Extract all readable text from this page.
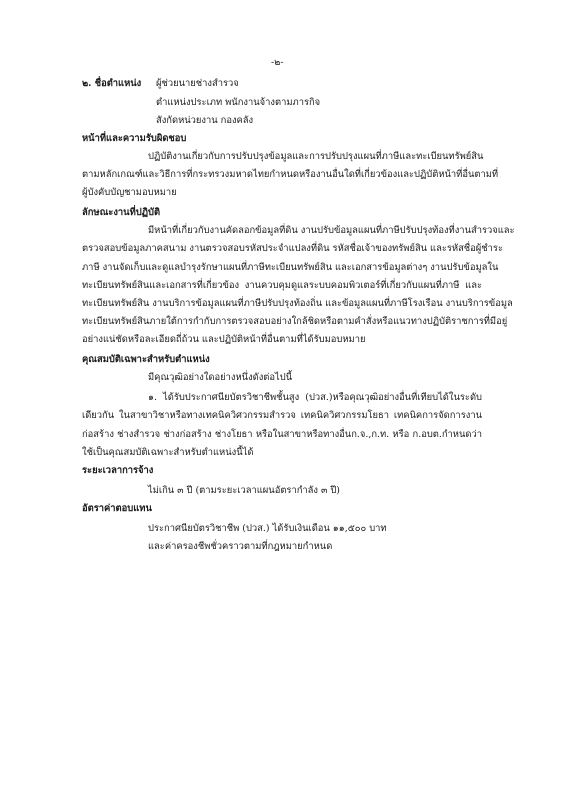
-๒-
๒. ชื่อตำแหน่ง ผู้ช่วยนายช่างสำรวจ
ตำแหน่งประเภท พนักงานจ้างตามภารกิจ
สังกัดหน่วยงาน กองคลัง
หน้าที่และความรับผิดชอบ
ปฏิบัติงานเกี่ยวกับการปรับปรุงข้อมูลและการปรับปรุงแผนที่ภาษีและทะเบียนทรัพย์สิน
ตามหลักเกณฑ์และวิธีการที่กระทรวงมหาดไทยกำหนดหรืองานอื่นใดที่เกี่ยวข้องและปฏิบัติหน้าที่อื่นตามที่
ผู้บังคับบัญชามอบหมาย
ลักษณะงานที่ปฏิบัติ
มีหน้าที่เกี่ยวกับงานคัดลอกข้อมูลที่ดิน งานปรับข้อมูลแผนที่ภาษีปรับปรุงท้องที่งานสำรวจและ
ตรวจสอบข้อมูลภาคสนาม งานตรวจสอบรหัสประจำแปลงที่ดิน รหัสชื่อเจ้าของทรัพย์สิน และรหัสชื่อผู้ชำระ
ภาษี งานจัดเก็บและดูแลบำรุงรักษาแผนที่ภาษีทะเบียนทรัพย์สิน และเอกสารข้อมูลต่างๆ งานปรับข้อมูลใน
ทะเบียนทรัพย์สินและเอกสารที่เกี่ยวข้อง งานควบคุมดูแลระบบคอมพิวเตอร์ที่เกี่ยวกับแผนที่ภาษี และ
ทะเบียนทรัพย์สิน งานบริการข้อมูลแผนที่ภาษีปรับปรุงท้องถิ่น และข้อมูลแผนที่ภาษีโรงเรือน งานบริการข้อมูล
ทะเบียนทรัพย์สินภายใต้การกำกับการตรวจสอบอย่างใกล้ชิดหรือตามคำสั่งหรือแนวทางปฏิบัติราชการที่มีอยู่
อย่างแน่ชัดหรือละเอียดถี่ถ้วน และปฏิบัติหน้าที่อื่นตามที่ได้รับมอบหมาย
คุณสมบัติเฉพาะสำหรับตำแหน่ง
มีคุณวุฒิอย่างใดอย่างหนึ่งดังต่อไปนี้
๑. ได้รับประกาศนียบัตรวิชาชีพชั้นสูง (ปวส.)หรือคุณวุฒิอย่างอื่นที่เทียบได้ในระดับ
เดียวกัน ในสาขาวิชาหรือทางเทคนิควิศวกรรมสำรวจ เทคนิควิศวกรรมโยธา เทคนิคการจัดการงาน
ก่อสร้าง ช่างสำรวจ ช่างก่อสร้าง ช่างโยธา หรือในสาขาหรือทางอื่นก.จ.,ก.ท. หรือ ก.อบต.กำหนดว่า
ใช้เป็นคุณสมบัติเฉพาะสำหรับตำแหน่งนี้ได้
ระยะเวลาการจ้าง
ไม่เกิน ๓ ปี (ตามระยะเวลาแผนอัตรากำลัง ๓ ปี)
อัตราค่าตอบแทน
ประกาศนียบัตรวิชาชีพ (ปวส.) ได้รับเงินเดือน ๑๑,๕๐๐ บาท
และค่าครองชีพชั่วคราวตามที่กฎหมายกำหนด
